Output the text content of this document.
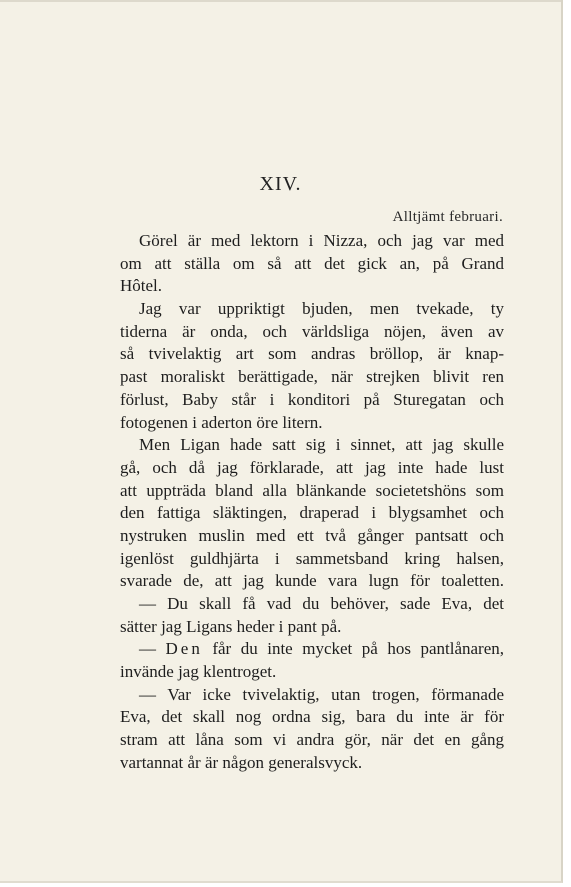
XIV.
Alltjämt februari.
Görel är med lektorn i Nizza, och jag var med
om att ställa om så att det gick an, på Grand
Hôtel.
Jag var uppriktigt bjuden, men tvekade, ty
tiderna är onda, och världsliga nöjen, även av
så tvivelaktig art som andras bröllop, är knap-
past moraliskt berättigade, när strejken blivit ren
förlust, Baby står i konditori på Sturegatan och
fotogenen i aderton öre litern.
Men Ligan hade satt sig i sinnet, att jag skulle
gå, och då jag förklarade, att jag inte hade lust
att uppträda bland alla blänkande societetshöns som
den fattiga släktingen, draperad i blygsamhet och
nystruken muslin med ett två gånger pantsatt och
igenlöst guldhjärta i sammetsband kring halsen,
svarade de, att jag kunde vara lugn för toaletten.
— Du skall få vad du behöver, sade Eva, det
sätter jag Ligans heder i pant på.
— Den får du inte mycket på hos pantlånaren,
invände jag klentroget.
— Var icke tvivelaktig, utan trogen, förmanade
Eva, det skall nog ordna sig, bara du inte är för
stram att låna som vi andra gör, när det en gång
vartannat år är någon generalsvyck.
